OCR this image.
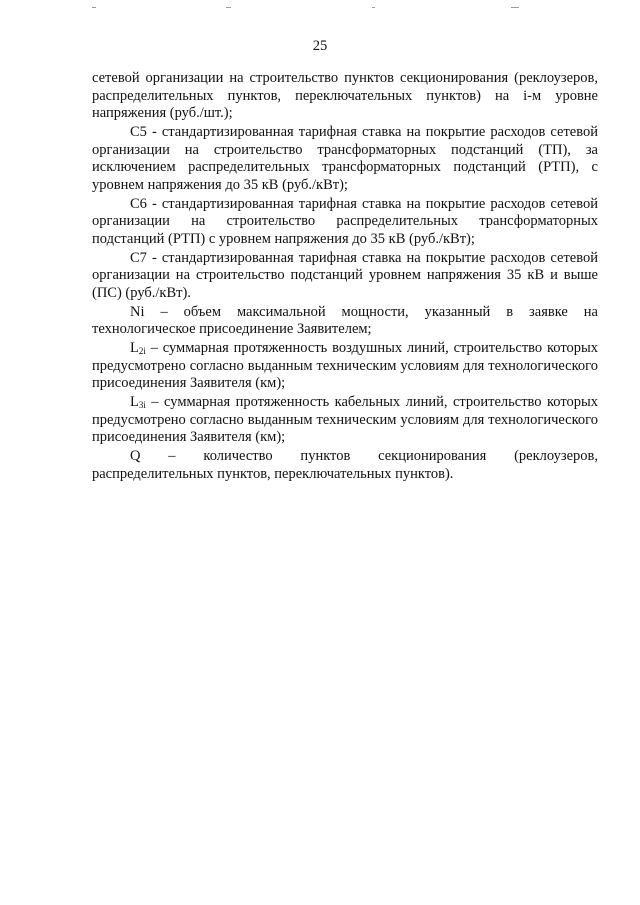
25

сетевой организации на строительство пунктов секционирования (реклоузеров, распределительных пунктов, переключательных пунктов) на i-м уровне напряжения (руб./шт.);

С5 - стандартизированная тарифная ставка на покрытие расходов сетевой организации на строительство трансформаторных подстанций (ТП), за исключением распределительных трансформаторных подстанций (РТП), с уровнем напряжения до 35 кВ (руб./кВт);

С6 - стандартизированная тарифная ставка на покрытие расходов сетевой организации на строительство распределительных трансформаторных подстанций (РТП) с уровнем напряжения до 35 кВ (руб./кВт);

С7 - стандартизированная тарифная ставка на покрытие расходов сетевой организации на строительство подстанций уровнем напряжения 35 кВ и выше (ПС) (руб./кВт).

Ni – объем максимальной мощности, указанный в заявке на технологическое присоединение Заявителем;

$L_{2i}$ – суммарная протяженность воздушных линий, строительство которых предусмотрено согласно выданным техническим условиям для технологического присоединения Заявителя (км);

$L_{3i}$ – суммарная протяженность кабельных линий, строительство которых предусмотрено согласно выданным техническим условиям для технологического присоединения Заявителя (км);

Q – количество пунктов секционирования (реклоузеров, распределительных пунктов, переключательных пунктов).
